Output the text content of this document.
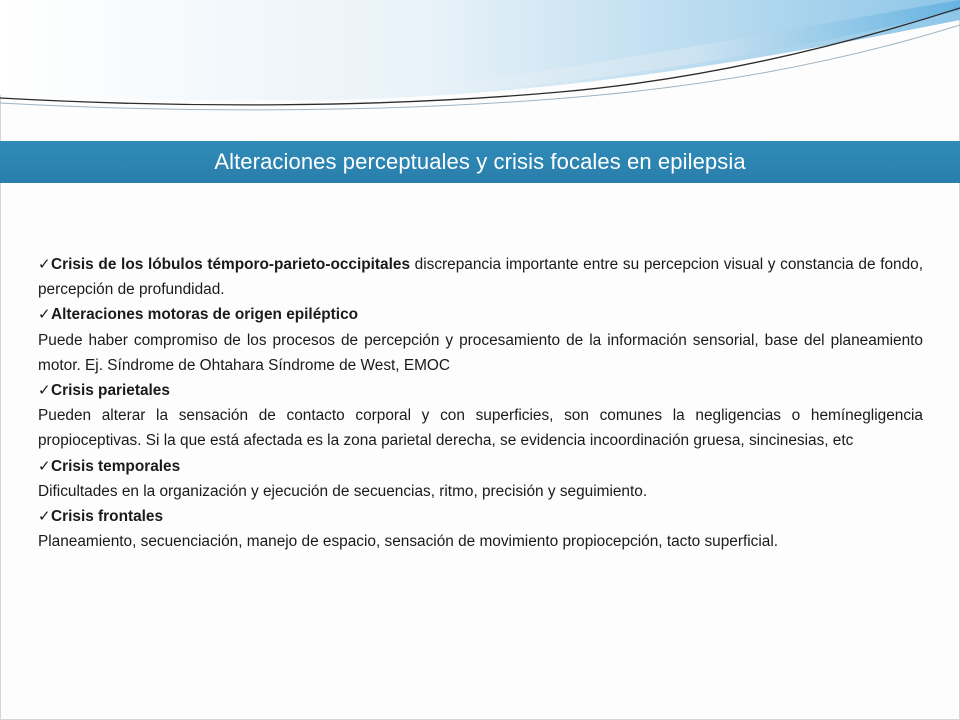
Alteraciones perceptuales y crisis focales en epilepsia
✓Crisis de los lóbulos témporo-parieto-occipitales discrepancia importante entre su percepcion visual y constancia de fondo, percepción de profundidad.
✓ Alteraciones motoras de origen epiléptico

Puede haber compromiso de los procesos de percepción y procesamiento de la información sensorial, base del planeamiento motor. Ej. Síndrome de Ohtahara Síndrome de West, EMOC

✓ Crisis parietales

Pueden alterar la sensación de contacto corporal y con superficies, son comunes la negligencias o hemínegligencia propioceptivas. Si la que está afectada es la zona parietal derecha, se evidencia incoordinación gruesa, sincinesias, etc

✓ Crisis temporales

Dificultades en la organización y ejecución de secuencias, ritmo, precisión y seguimiento.

✓ Crisis frontales

Planeamiento, secuenciación, manejo de espacio, sensación de movimiento propiocepción, tacto superficial.
